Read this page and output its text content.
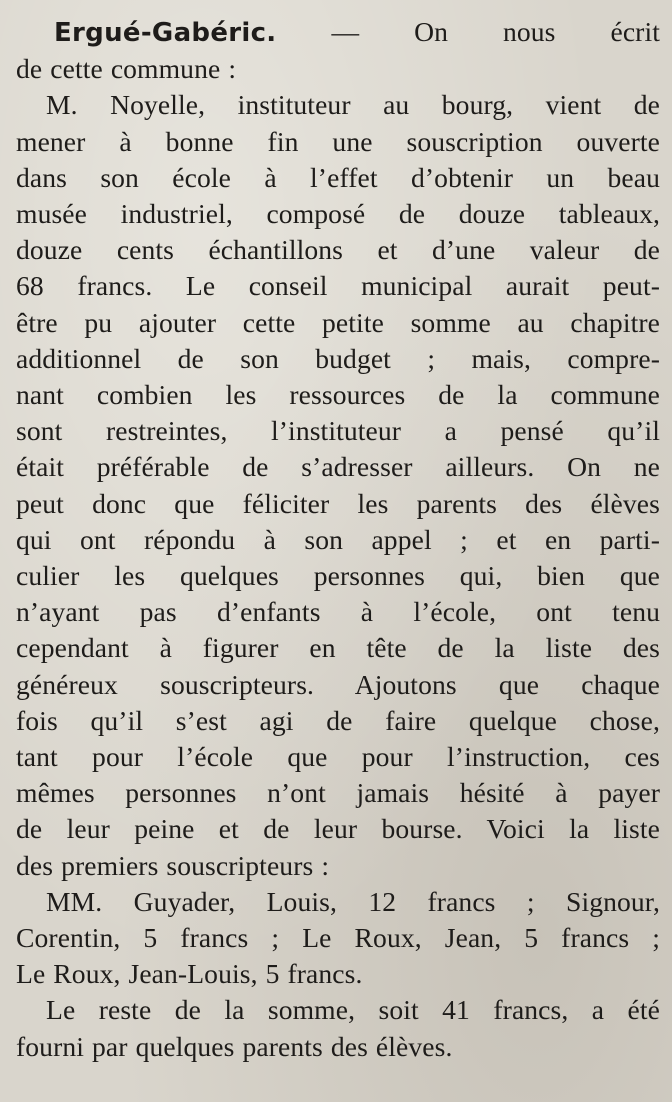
Ergué-Gabéric. — On nous écrit
de cette commune :

M. Noyelle, instituteur au bourg, vient de
mener à bonne fin une souscription ouverte
dans son école à l’effet d’obtenir un beau
musée industriel, composé de douze tableaux,
douze cents échantillons et d’une valeur de
68 francs. Le conseil municipal aurait peut-
être pu ajouter cette petite somme au chapitre
additionnel de son budget ; mais, compre-
nant combien les ressources de la commune
sont restreintes, l’instituteur a pensé qu’il
était préférable de s’adresser ailleurs. On ne
peut donc que féliciter les parents des élèves
qui ont répondu à son appel ; et en parti-
culier les quelques personnes qui, bien que
n’ayant pas d’enfants à l’école, ont tenu
cependant à figurer en tête de la liste des
généreux souscripteurs. Ajoutons que chaque
fois qu’il s’est agi de faire quelque chose,
tant pour l’école que pour l’instruction, ces
mêmes personnes n’ont jamais hésité à payer
de leur peine et de leur bourse. Voici la liste
des premiers souscripteurs :

MM. Guyader, Louis, 12 francs ; Signour,
Corentin, 5 francs ; Le Roux, Jean, 5 francs ;
Le Roux, Jean-Louis, 5 francs.

Le reste de la somme, soit 41 francs, a été
fourni par quelques parents des élèves.
